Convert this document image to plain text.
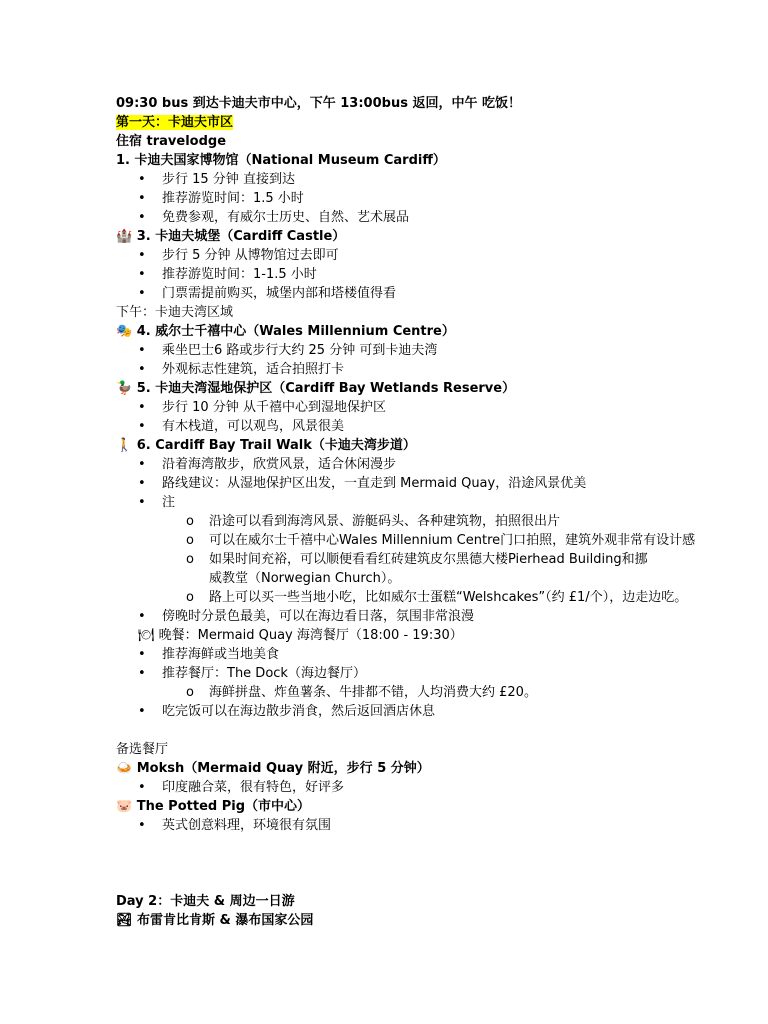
09:30 bus 到达卡迪夫市中心，下午 13:00bus 返回，中午 吃饭！
第一天：卡迪夫市区
住宿 travelodge
1. 卡迪夫国家博物馆（National Museum Cardiff）
• 步行 15 分钟 直接到达
• 推荐游览时间：1.5 小时
• 免费参观，有威尔士历史、自然、艺术展品
🏰 3. 卡迪夫城堡（Cardiff Castle）
• 步行 5 分钟 从博物馆过去即可
• 推荐游览时间：1-1.5 小时
• 门票需提前购买，城堡内部和塔楼值得看
下午：卡迪夫湾区域
🎭 4. 威尔士千禧中心（Wales Millennium Centre）
• 乘坐巴士6 路或步行大约 25 分钟 可到卡迪夫湾
• 外观标志性建筑，适合拍照打卡
🦆 5. 卡迪夫湾湿地保护区（Cardiff Bay Wetlands Reserve）
• 步行 10 分钟 从千禧中心到湿地保护区
• 有木栈道，可以观鸟，风景很美
🚶 6. Cardiff Bay Trail Walk（卡迪夫湾步道）
• 沿着海湾散步，欣赏风景，适合休闲漫步
• 路线建议：从湿地保护区出发，一直走到 Mermaid Quay，沿途风景优美
• 注
o 沿途可以看到海湾风景、游艇码头、各种建筑物，拍照很出片
o 可以在威尔士千禧中心Wales Millennium Centre门口拍照，建筑外观非常有设计感
o 如果时间充裕，可以顺便看看红砖建筑皮尔黑德大楼Pierhead Building和挪威教堂（Norwegian Church）。
o 路上可以买一些当地小吃，比如威尔士蛋糕“Welshcakes”（约 £1/个），边走边吃。
• 傍晚时分景色最美，可以在海边看日落，氛围非常浪漫
🍽 晚餐：Mermaid Quay 海湾餐厅（18:00 - 19:30）
• 推荐海鲜或当地美食
• 推荐餐厅：The Dock（海边餐厅）
o 海鲜拼盘、炸鱼薯条、牛排都不错，人均消费大约 £20。
• 吃完饭可以在海边散步消食，然后返回酒店休息
备选餐厅
🍛 Moksh（Mermaid Quay 附近，步行 5 分钟）
• 印度融合菜，很有特色，好评多
🐷 The Potted Pig（市中心）
• 英式创意料理，环境很有氛围
Day 2：卡迪夫 & 周边一日游
🏞 布雷肯比肯斯 & 瀑布国家公园
